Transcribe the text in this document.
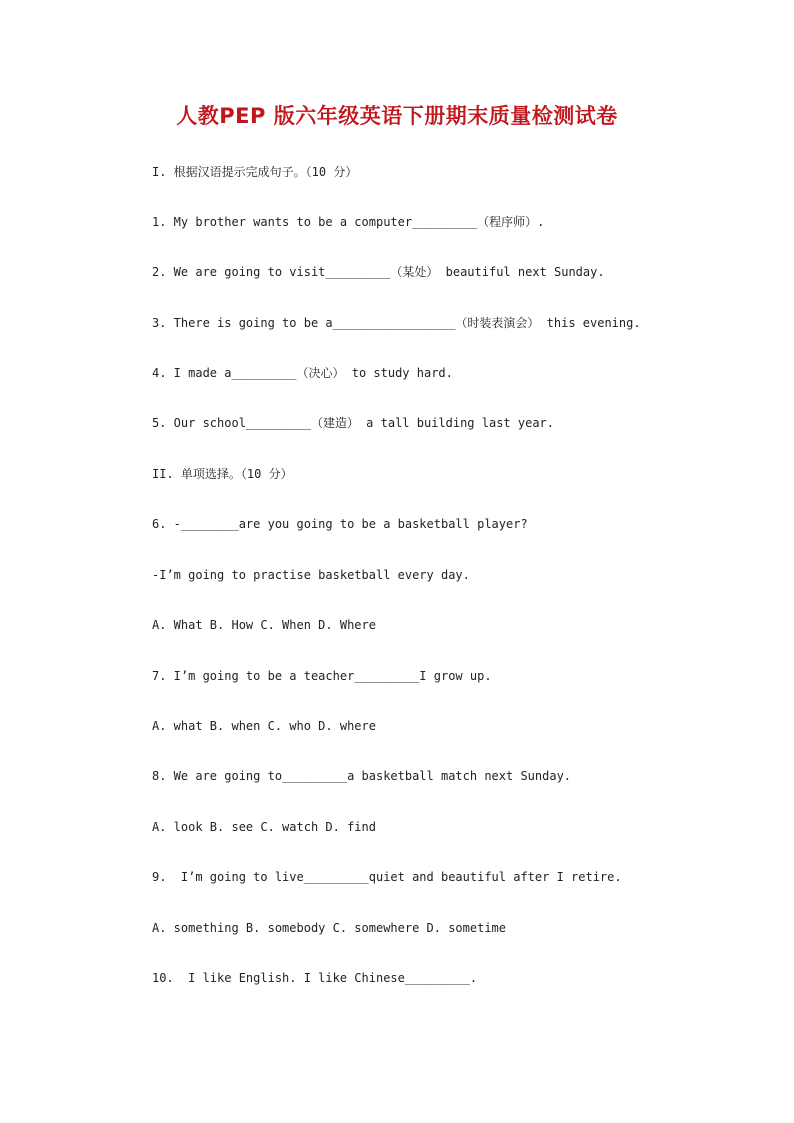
人教PEP 版六年级英语下册期末质量检测试卷
I. 根据汉语提示完成句子。（10 分）
1. My brother wants to be a computer_________（程序师）.
2. We are going to visit_________（某处） beautiful next Sunday.
3. There is going to be a_________________（时装表演会） this evening.
4. I made a_________（决心） to study hard.
5. Our school_________（建造） a tall building last year.
II. 单项选择。（10 分）
6. -________are you going to be a basketball player?
-I’m going to practise basketball every day.
A. What B. How C. When D. Where
7. I’m going to be a teacher_________I grow up.
A. what B. when C. who D. where
8. We are going to_________a basketball match next Sunday.
A. look B. see C. watch D. find
9.  I’m going to live_________quiet and beautiful after I retire.
A. something B. somebody C. somewhere D. sometime
10.  I like English. I like Chinese_________.
